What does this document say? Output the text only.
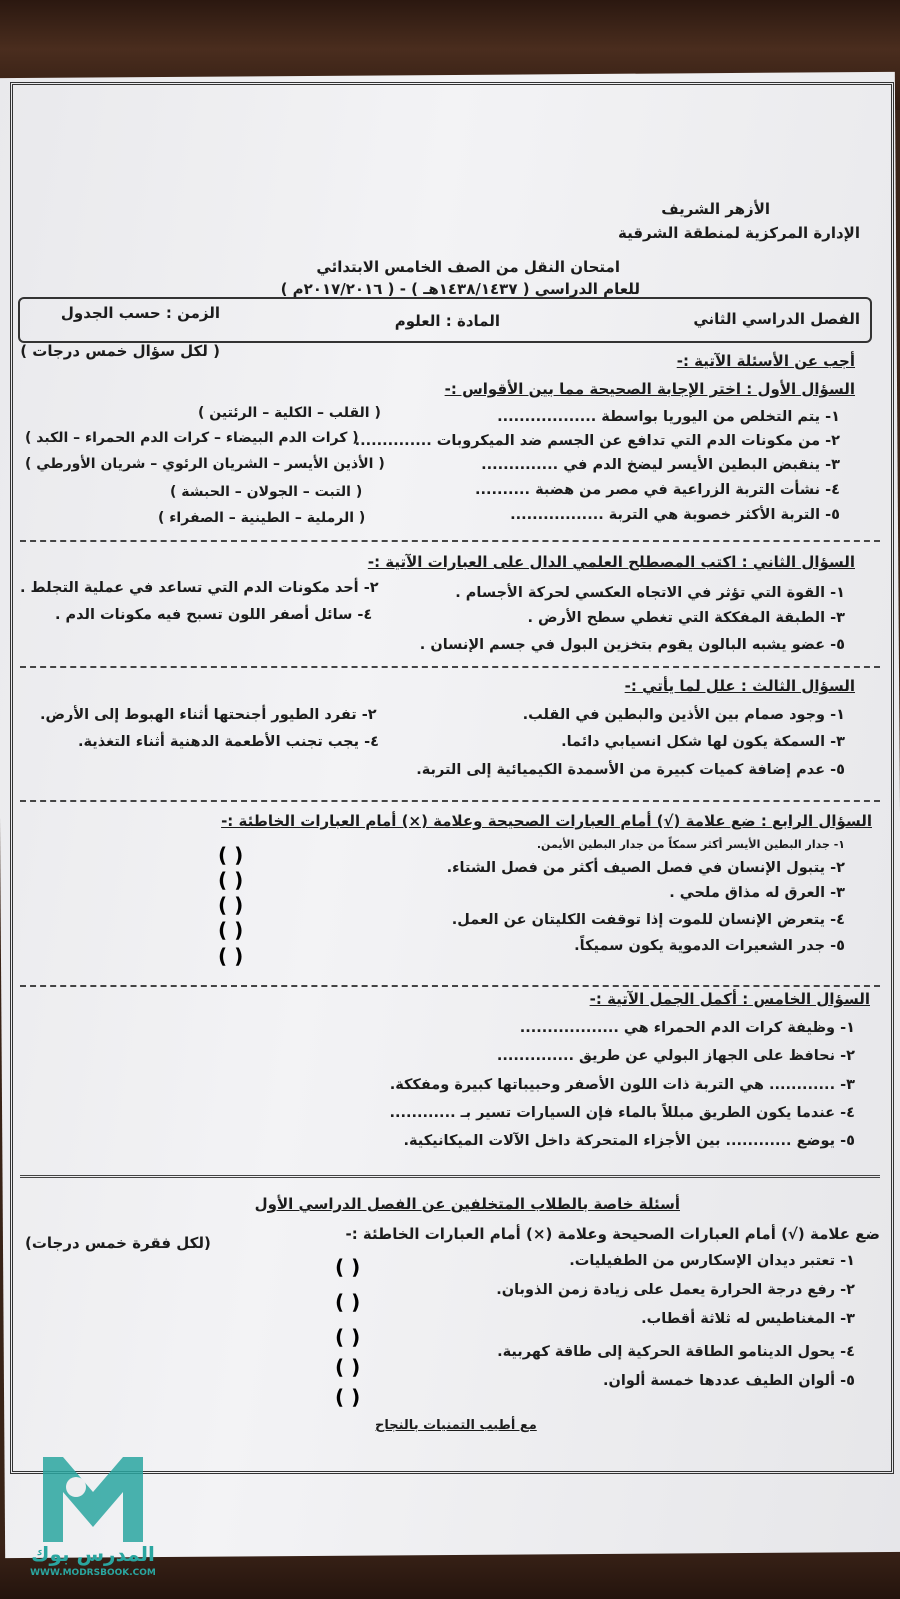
الأزهر الشريف
الإدارة المركزية لمنطقة الشرقية
امتحان النقل من الصف الخامس الابتدائي
للعام الدراسي ( ١٤٣٨/١٤٣٧هـ ) - ( ٢٠١٧/٢٠١٦م )
الفصل الدراسي الثاني
المادة : العلوم
الزمن : حسب الجدول
أجب عن الأسئلة الآتية :-
( لكل سؤال خمس درجات )
السؤال الأول : اختر الإجابة الصحيحة مما بين الأقواس :-
١- يتم التخلص من اليوريا بواسطة ..................
٢- من مكونات الدم التي تدافع عن الجسم ضد الميكروبات ..............
٣- ينقبض البطين الأيسر ليضخ الدم في ..............
٤- نشأت التربة الزراعية في مصر من هضبة ..........
٥- التربة الأكثر خصوبة هي التربة .................
( القلب – الكلية – الرئتين )
( كرات الدم البيضاء – كرات الدم الحمراء – الكبد )
( الأذين الأيسر – الشريان الرئوي – شريان الأورطي )
( التبت – الجولان – الحبشة )
( الرملية – الطينية – الصفراء )
السؤال الثاني : اكتب المصطلح العلمي الدال على العبارات الآتية :-
١- القوة التي تؤثر في الاتجاه العكسي لحركة الأجسام .
٣- الطبقة المفككة التي تغطي سطح الأرض .
٥- عضو يشبه البالون يقوم بتخزين البول في جسم الإنسان .
٢- أحد مكونات الدم التي تساعد في عملية التجلط .
٤- سائل أصفر اللون تسبح فيه مكونات الدم .
السؤال الثالث : علل لما يأتي :-
١- وجود صمام بين الأذين والبطين في القلب.
٣- السمكة يكون لها شكل انسيابي دائما.
٥- عدم إضافة كميات كبيرة من الأسمدة الكيميائية إلى التربة.
٢- تفرد الطيور أجنحتها أثناء الهبوط إلى الأرض.
٤- يجب تجنب الأطعمة الدهنية أثناء التغذية.
السؤال الرابع : ضع علامة (√) أمام العبارات الصحيحة وعلامة (×) أمام العبارات الخاطئة :-
١- جدار البطين الأيسر أكثر سمكاً من جدار البطين الأيمن.
٢- يتبول الإنسان في فصل الصيف أكثر من فصل الشتاء.
٣- العرق له مذاق ملحي .
٤- يتعرض الإنسان للموت إذا توقفت الكليتان عن العمل.
٥- جدر الشعيرات الدموية يكون سميكاً.
( )
( )
( )
( )
( )
السؤال الخامس : أكمل الجمل الآتية :-
١- وظيفة كرات الدم الحمراء هي ..................
٢- نحافظ على الجهاز البولي عن طريق ..............
٣- ............ هي التربة ذات اللون الأصفر وحبيباتها كبيرة ومفككة.
٤- عندما يكون الطريق مبللاً بالماء فإن السيارات تسير بـ ............
٥- يوضع ............ بين الأجزاء المتحركة داخل الآلات الميكانيكية.
أسئلة خاصة بالطلاب المتخلفين عن الفصل الدراسي الأول
ضع علامة (√) أمام العبارات الصحيحة وعلامة (×) أمام العبارات الخاطئة :-
(لكل فقرة خمس درجات)
١- تعتبر ديدان الإسكارس من الطفيليات.
٢- رفع درجة الحرارة يعمل على زيادة زمن الذوبان.
٣- المغناطيس له ثلاثة أقطاب.
٤- يحول الدينامو الطاقة الحركية إلى طاقة كهربية.
٥- ألوان الطيف عددها خمسة ألوان.
( )
( )
( )
( )
( )
مع أطيب التمنيات بالنجاح
المدرس بوك
WWW.MODRSBOOK.COM
